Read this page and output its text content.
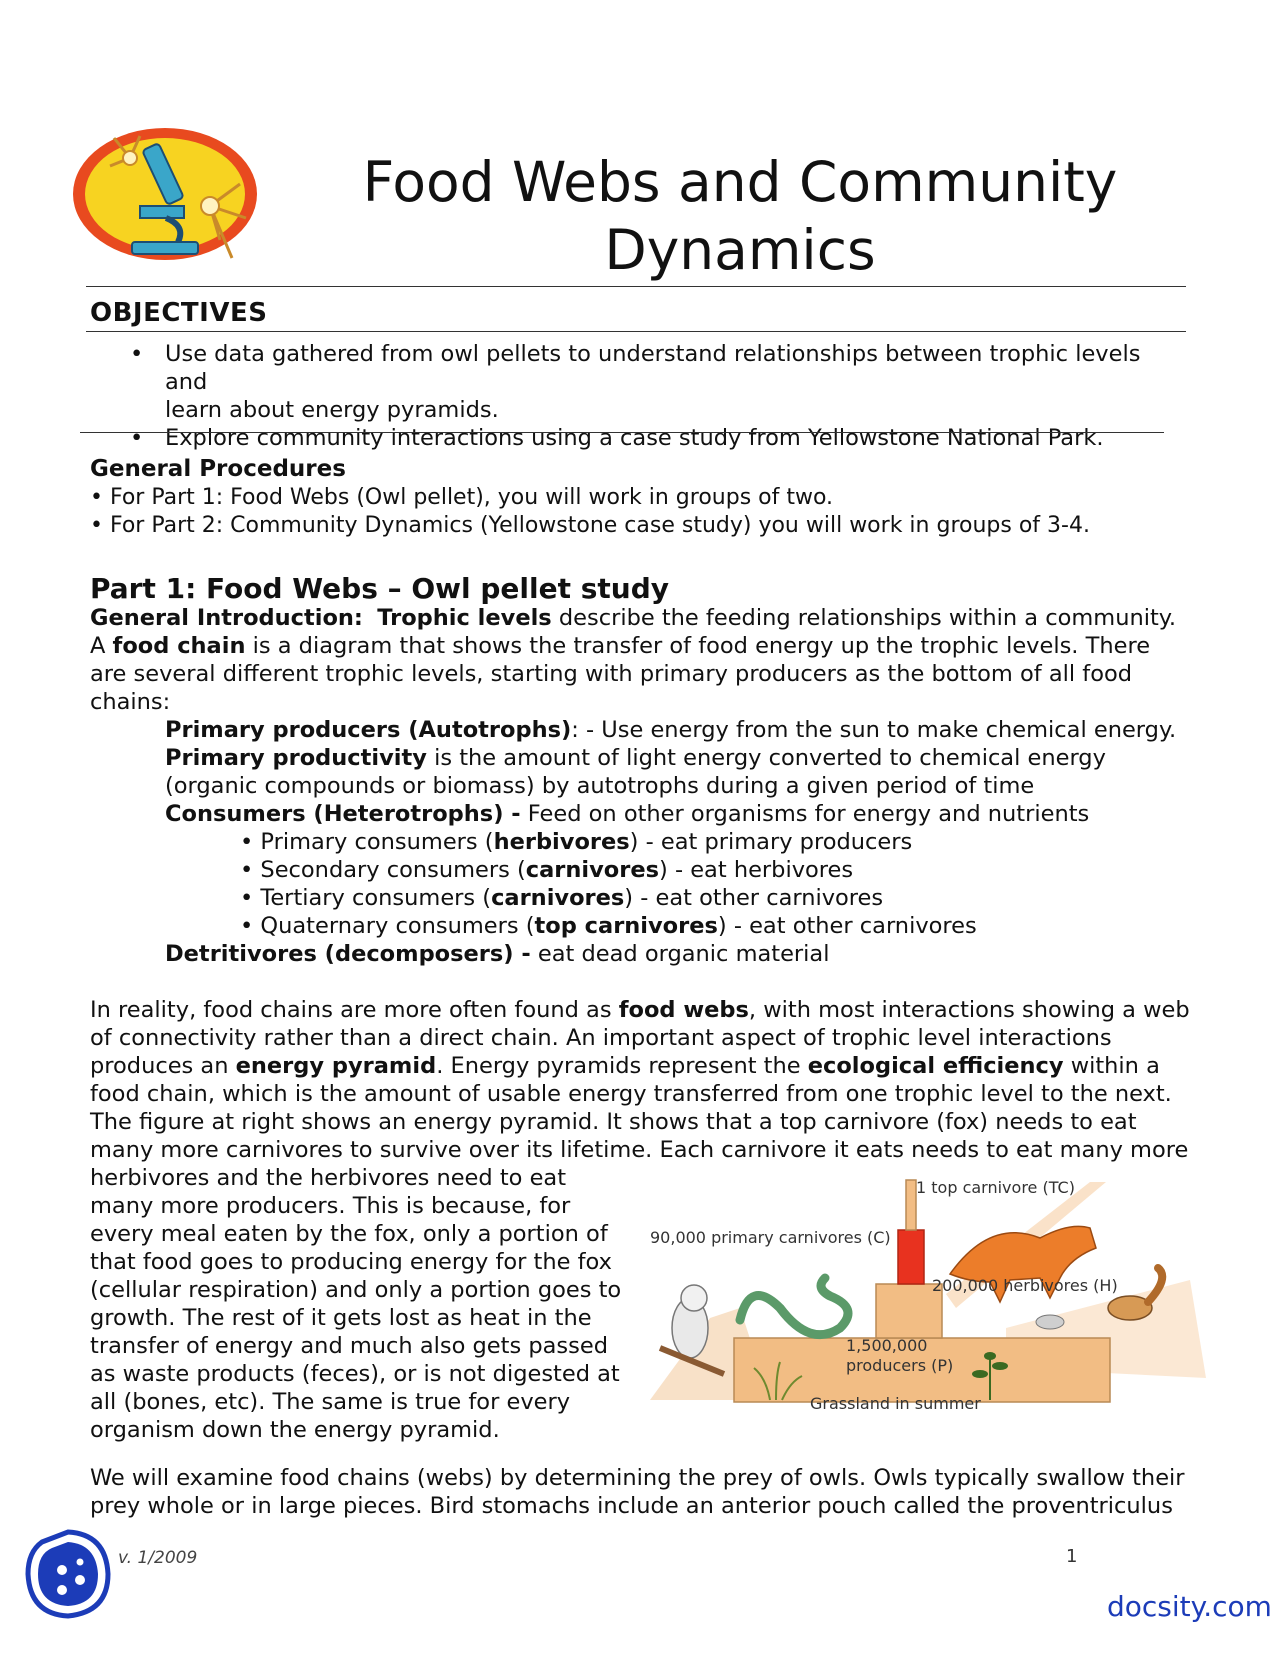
Food Webs and Community
Dynamics
OBJECTIVES
• Use data gathered from owl pellets to understand relationships between trophic levels and
learn about energy pyramids.
• Explore community interactions using a case study from Yellowstone National Park.
General Procedures
• For Part 1: Food Webs (Owl pellet), you will work in groups of two.
• For Part 2: Community Dynamics (Yellowstone case study) you will work in groups of 3-4.
Part 1: Food Webs – Owl pellet study

General Introduction: Trophic levels describe the feeding relationships within a community. A food chain is a diagram that shows the transfer of food energy up the trophic levels. There are several different trophic levels, starting with primary producers as the bottom of all food chains:

Primary producers (Autotrophs): - Use energy from the sun to make chemical energy.

Primary productivity is the amount of light energy converted to chemical energy (organic compounds or biomass) by autotrophs during a given period of time

Consumers (Heterotrophs) - Feed on other organisms for energy and nutrients

• Primary consumers (herbivores) - eat primary producers

• Secondary consumers (carnivores) - eat herbivores

• Tertiary consumers (carnivores) - eat other carnivores

• Quaternary consumers (top carnivores) - eat other carnivores

Detritivores (decomposers) - eat dead organic material

In reality, food chains are more often found as food webs, with most interactions showing a web of connectivity rather than a direct chain. An important aspect of trophic level interactions produces an energy pyramid. Energy pyramids represent the ecological efficiency within a food chain, which is the amount of usable energy transferred from one trophic level to the next.

The figure at right shows an energy pyramid. It shows that a top carnivore (fox) needs to eat many more carnivores to survive over its lifetime. Each carnivore it eats needs to eat many more

herbivores and the herbivores need to eat many more producers. This is because, for every meal eaten by the fox, only a portion of that food goes to producing energy for the fox (cellular respiration) and only a portion goes to growth. The rest of it gets lost as heat in the transfer of energy and much also gets passed as waste products (feces), or is not digested at all (bones, etc). The same is true for every organism down the energy pyramid.

1 top carnivore (TC)
90,000 primary carnivores (C)
200,000 herbivores (H)
1,500,000
producers (P)
Grassland in summer

We will examine food chains (webs) by determining the prey of owls. Owls typically swallow their prey whole or in large pieces. Bird stomachs include an anterior pouch called the proventriculus

v. 1/2009	1
docsity.com
